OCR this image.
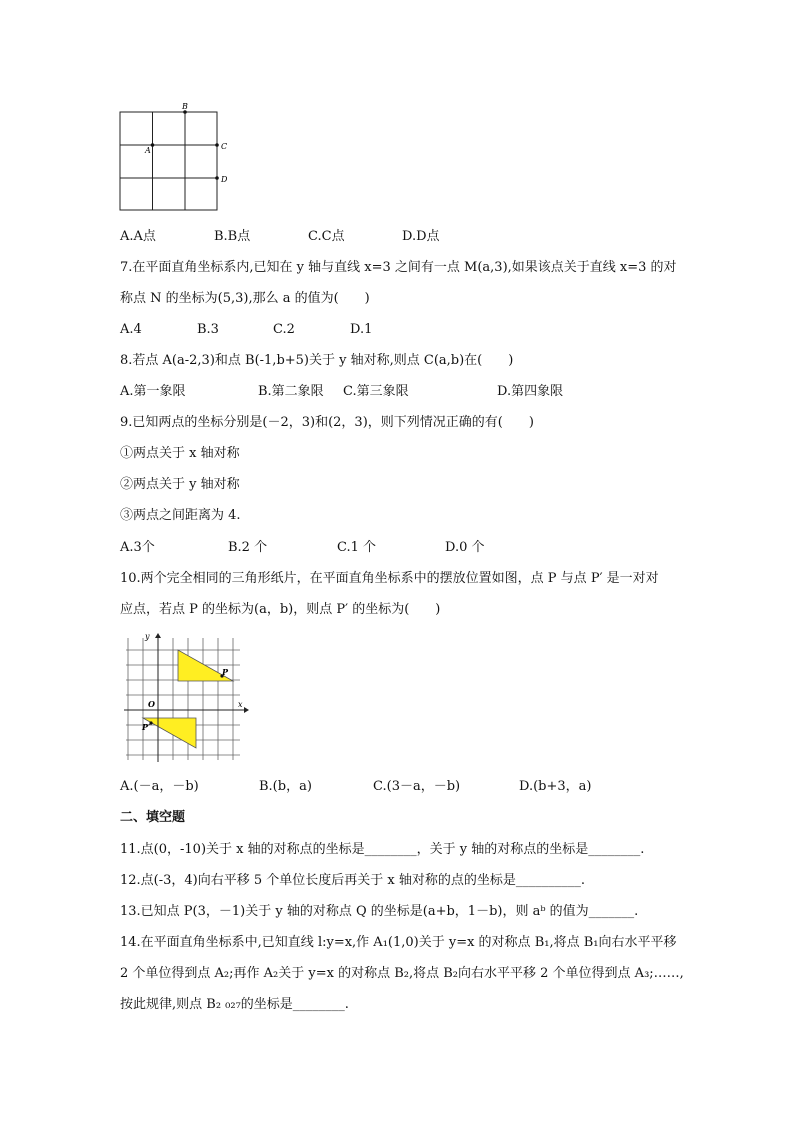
B
A	C
D
A.A点	B.B点	C.C点	D.D点
7.在平面直角坐标系内,已知在 y 轴与直线 x=3 之间有一点 M(a,3),如果该点关于直线 x=3 的对
称点 N 的坐标为(5,3),那么 a 的值为(　　)
A.4	B.3	C.2	D.1
8.若点 A(a-2,3)和点 B(-1,b+5)关于 y 轴对称,则点 C(a,b)在(　　)
A.第一象限	B.第二象限 C.第三象限	D.第四象限
9.已知两点的坐标分别是(－2，3)和(2，3)，则下列情况正确的有(　　)
①两点关于 x 轴对称
②两点关于 y 轴对称
③两点之间距离为 4.
A.3个	B.2 个	C.1 个	D.0 个
10.两个完全相同的三角形纸片，在平面直角坐标系中的摆放位置如图，点 P 与点 P′ 是一对对
应点，若点 P 的坐标为(a，b)，则点 P′ 的坐标为(　　)
y
x
O
P
P′
A.(－a，－b)	B.(b，a)	C.(3－a，－b)	D.(b+3，a)
二、填空题
11.点(0，-10)关于 x 轴的对称点的坐标是________，关于 y 轴的对称点的坐标是________.
12.点(-3，4)向右平移 5 个单位长度后再关于 x 轴对称的点的坐标是__________.
13.已知点 P(3，－1)关于 y 轴的对称点 Q 的坐标是(a+b，1－b)，则 aᵇ 的值为_______.
14.在平面直角坐标系中,已知直线 l:y=x,作 A₁(1,0)关于 y=x 的对称点 B₁,将点 B₁向右水平平移
2 个单位得到点 A₂;再作 A₂关于 y=x 的对称点 B₂,将点 B₂向右水平平移 2 个单位得到点 A₃;……,
按此规律,则点 B₂ ₀₂₇的坐标是________.
